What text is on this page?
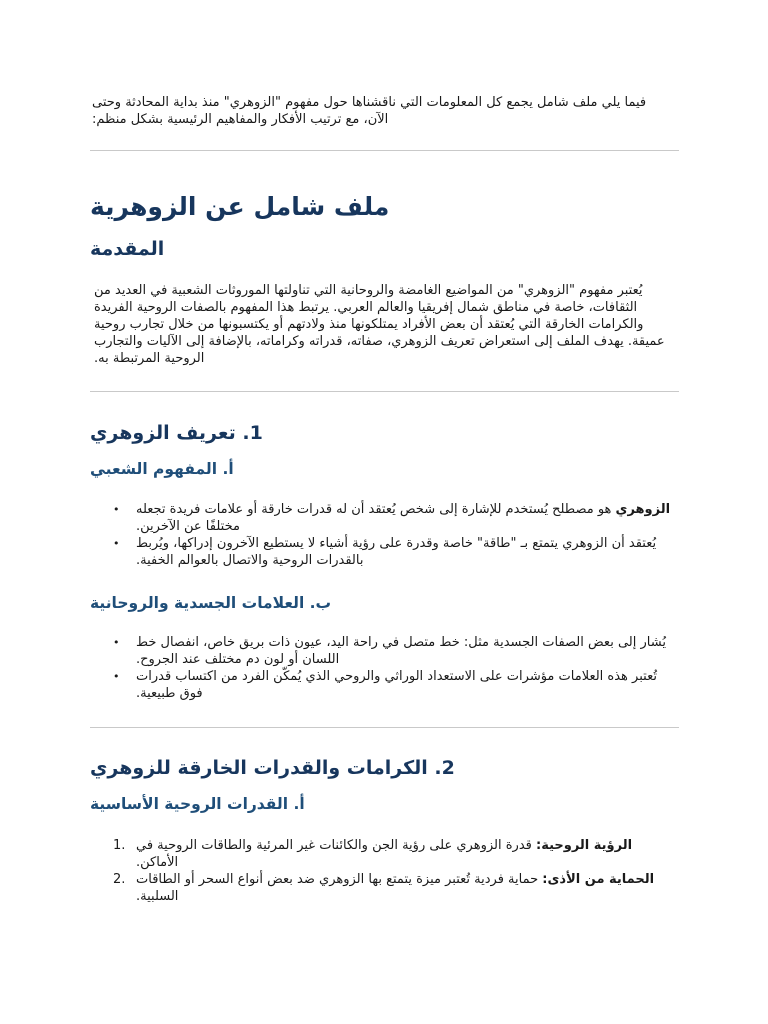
فيما يلي ملف شامل يجمع كل المعلومات التي ناقشناها حول مفهوم "الزوهري" منذ بداية المحادثة وحتى الآن، مع ترتيب الأفكار والمفاهيم الرئيسية بشكل منظم:

ملف شامل عن الزوهرية
المقدمة

يُعتبر مفهوم "الزوهري" من المواضيع الغامضة والروحانية التي تناولتها الموروثات الشعبية في العديد من الثقافات، خاصة في مناطق شمال إفريقيا والعالم العربي. يرتبط هذا المفهوم بالصفات الروحية الفريدة والكرامات الخارقة التي يُعتقد أن بعض الأفراد يمتلكونها منذ ولادتهم أو يكتسبونها من خلال تجارب روحية عميقة. يهدف الملف إلى استعراض تعريف الزوهري، صفاته، قدراته وكراماته، بالإضافة إلى الآليات والتجارب الروحية المرتبطة به.

1. تعريف الزوهري
أ. المفهوم الشعبي
•	الزوهري هو مصطلح يُستخدم للإشارة إلى شخص يُعتقد أن له قدرات خارقة أو علامات فريدة تجعله مختلفًا عن الآخرين.
•	يُعتقد أن الزوهري يتمتع بـ "طاقة" خاصة وقدرة على رؤية أشياء لا يستطيع الآخرون إدراكها، ويُربط بالقدرات الروحية والاتصال بالعوالم الخفية.
ب. العلامات الجسدية والروحانية
•	يُشار إلى بعض الصفات الجسدية مثل: خط متصل في راحة اليد، عيون ذات بريق خاص، انفصال خط اللسان أو لون دم مختلف عند الجروح.
•	تُعتبر هذه العلامات مؤشرات على الاستعداد الوراثي والروحي الذي يُمكّن الفرد من اكتساب قدرات فوق طبيعية.
2. الكرامات والقدرات الخارقة للزوهري
أ. القدرات الروحية الأساسية
1.	الرؤية الروحية: قدرة الزوهري على رؤية الجن والكائنات غير المرئية والطاقات الروحية في الأماكن.
2.	الحماية من الأذى: حماية فردية تُعتبر ميزة يتمتع بها الزوهري ضد بعض أنواع السحر أو الطاقات السلبية.
